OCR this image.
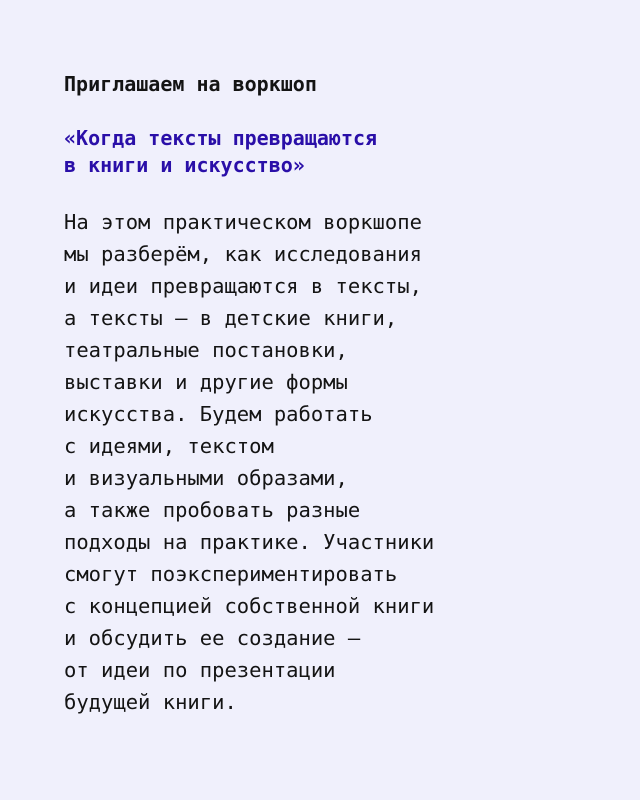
Приглашаем на воркшоп

«Когда тексты превращаются
в книги и искусство»

На этом практическом воркшопе
мы разберём, как исследования
и идеи превращаются в тексты,
а тексты – в детские книги,
театральные постановки,
выставки и другие формы
искусства. Будем работать
с идеями, текстом
и визуальными образами,
а также пробовать разные
подходы на практике. Участники
смогут поэкспериментировать
с концепцией собственной книги
и обсудить ее создание –
от идеи по презентации
будущей книги.
